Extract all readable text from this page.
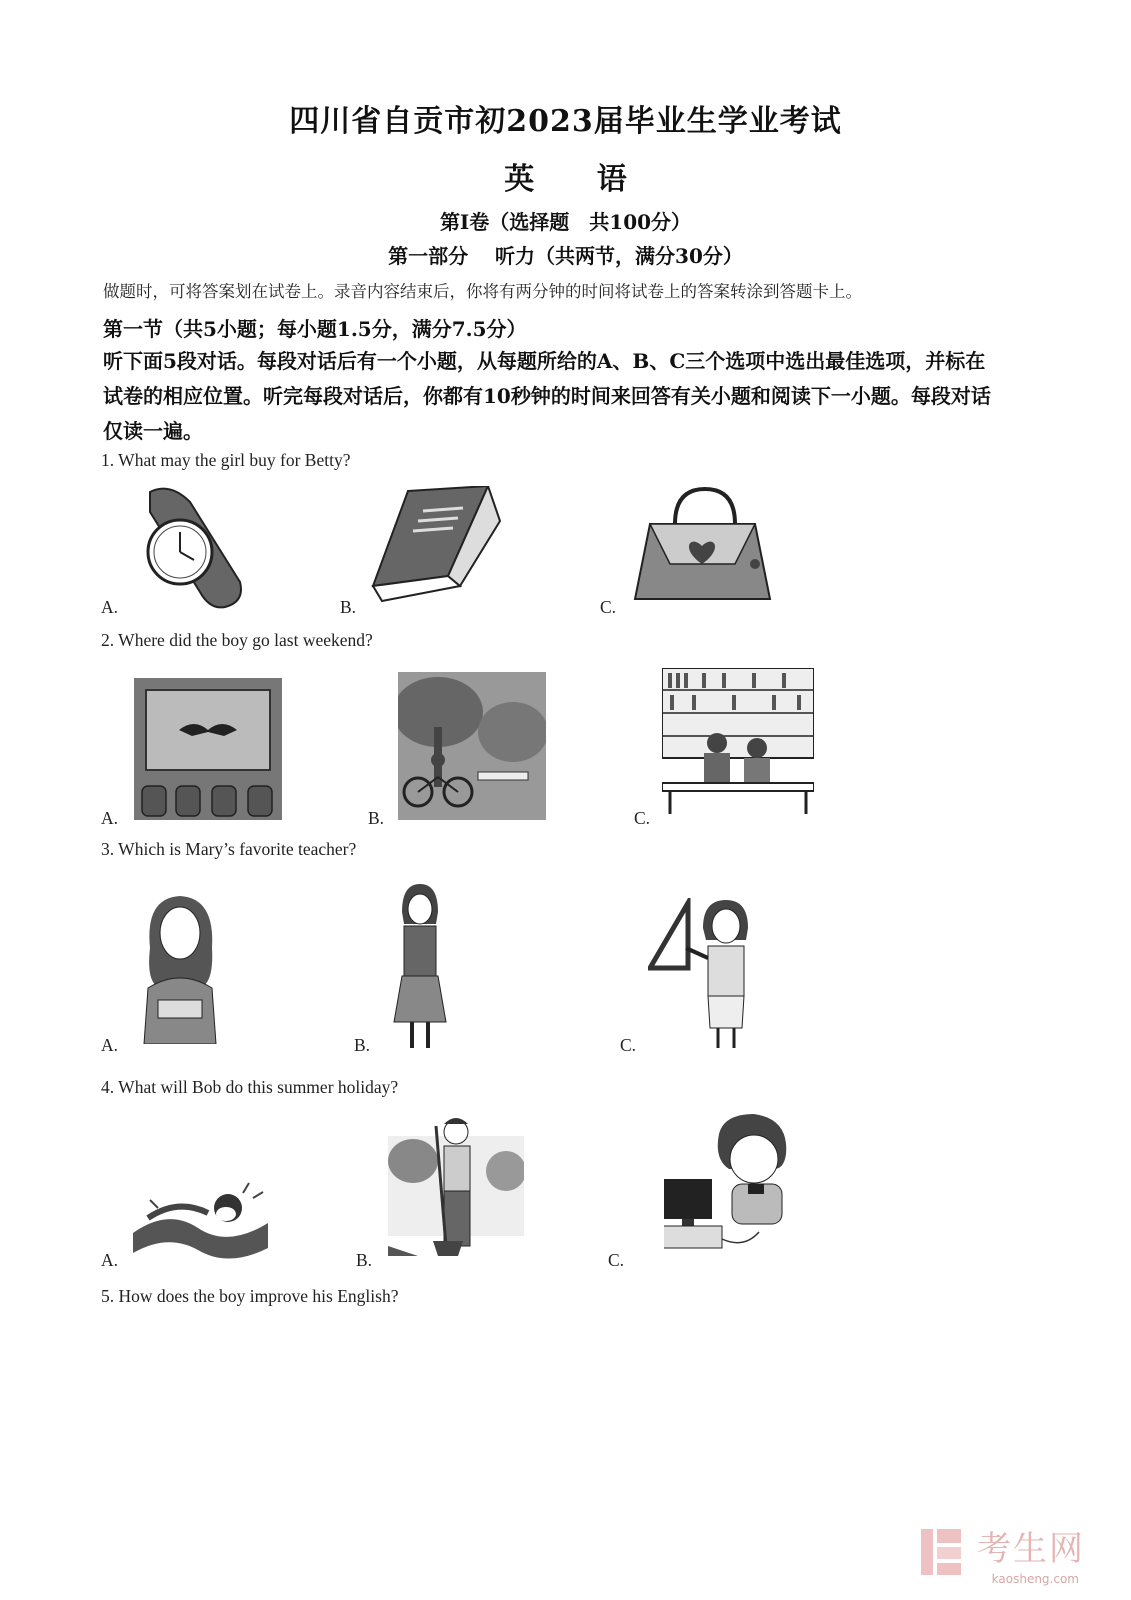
四川省自贡市初2023届毕业生学业考试
英 语
第I卷（选择题　共100分）
第一部分　 听力（共两节，满分30分）
做题时，可将答案划在试卷上。录音内容结束后，你将有两分钟的时间将试卷上的答案转涂到答题卡上。
第一节（共5小题；每小题1.5分，满分7.5分）
听下面5段对话。每段对话后有一个小题，从每题所给的A、B、C三个选项中选出最佳选项，并标在试卷的相应位置。听完每段对话后，你都有10秒钟的时间来回答有关小题和阅读下一小题。每段对话仅读一遍。
1. What may the girl buy for Betty?
A.	B.	C.
2. Where did the boy go last weekend?
A.	B.	C.
3. Which is Mary’s favorite teacher?
A.	B.	C.
4. What will Bob do this summer holiday?
A.	B.	C.
5. How does the boy improve his English?
考生网
kaosheng.com
